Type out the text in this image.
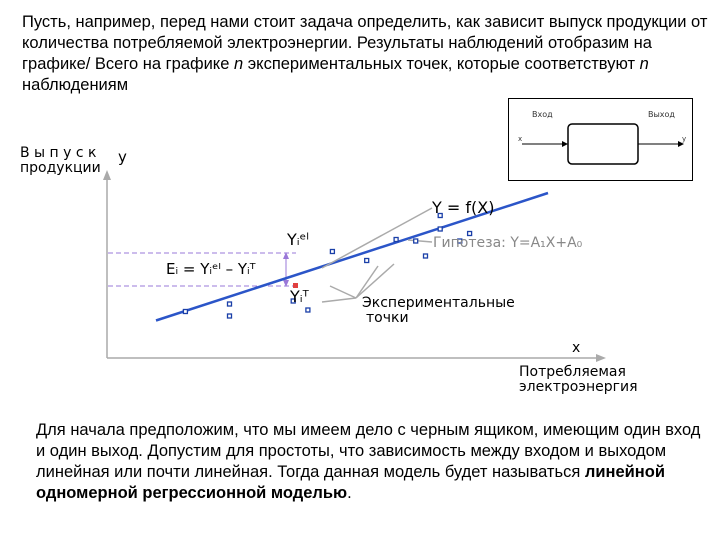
Пусть, например, перед нами стоит задача определить, как зависит выпуск продукции от количества потребляемой электроэнергии. Результаты наблюдений отобразим на графике/ Всего на графике n экспериментальных точек, которые соответствуют n наблюдениям
Вход	Выход
x	y
В ы п у с к
продукции
y
x
Потребляемая
электроэнергия
Y = f(X)
Гипотеза: Y=A₁X+A₀
Yᵢᵉˡ
Yᵢᵀ
Eᵢ = Yᵢᵉˡ – Yᵢᵀ
Экспериментальные
точки
Для начала предположим, что мы имеем дело с черным ящиком, имеющим один вход и один выход. Допустим для простоты, что зависимость между входом и выходом линейная или почти линейная. Тогда данная модель будет называться линейной одномерной регрессионной моделью.
